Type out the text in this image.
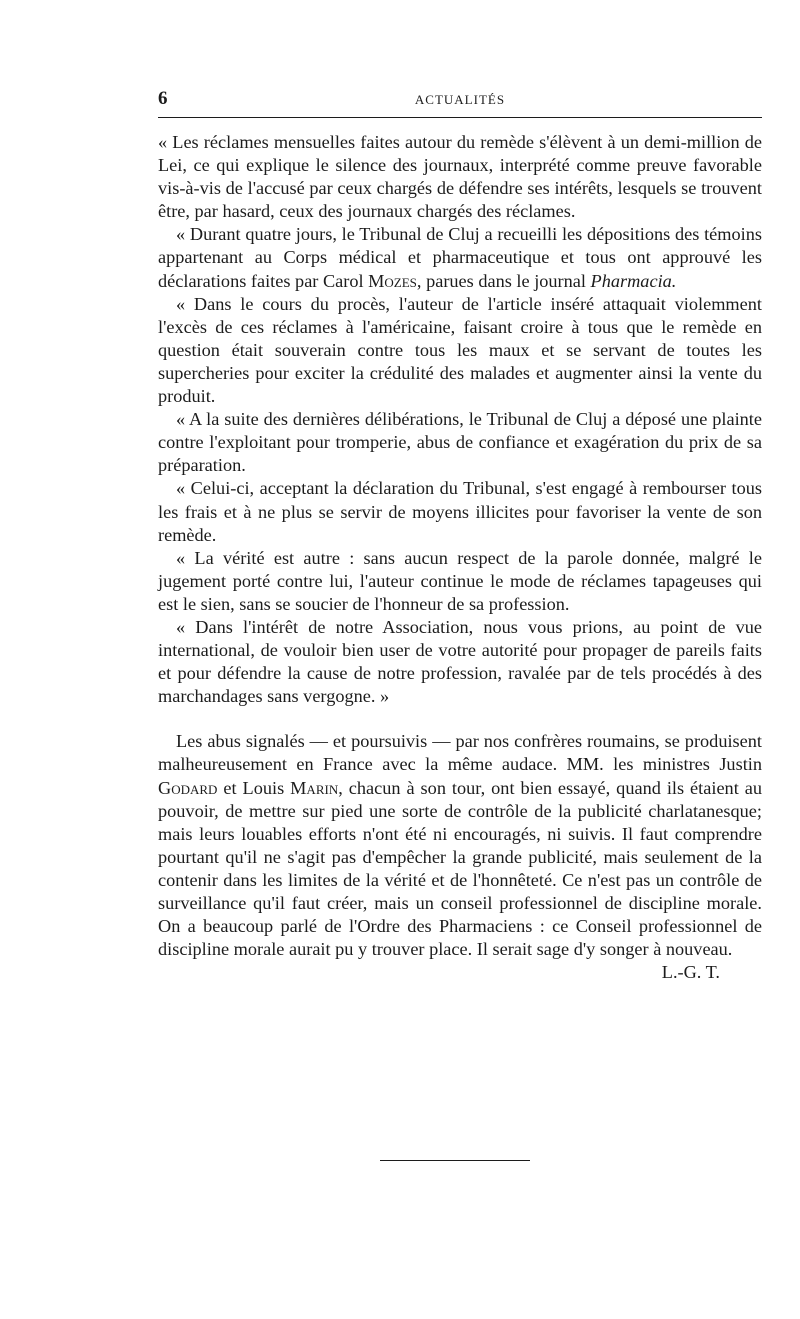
6	ACTUALITÉS

« Les réclames mensuelles faites autour du remède s'élèvent à un demi-million de Lei, ce qui explique le silence des journaux, interprété comme preuve favorable vis-à-vis de l'accusé par ceux chargés de défendre ses intérêts, lesquels se trouvent être, par hasard, ceux des journaux chargés des réclames.

« Durant quatre jours, le Tribunal de Cluj a recueilli les dépositions des témoins appartenant au Corps médical et pharmaceutique et tous ont approuvé les déclarations faites par Carol Mozes, parues dans le journal Pharmacia.

« Dans le cours du procès, l'auteur de l'article inséré attaquait violemment l'excès de ces réclames à l'américaine, faisant croire à tous que le remède en question était souverain contre tous les maux et se servant de toutes les supercheries pour exciter la crédulité des malades et augmenter ainsi la vente du produit.

« A la suite des dernières délibérations, le Tribunal de Cluj a déposé une plainte contre l'exploitant pour tromperie, abus de confiance et exagération du prix de sa préparation.

« Celui-ci, acceptant la déclaration du Tribunal, s'est engagé à rembourser tous les frais et à ne plus se servir de moyens illicites pour favoriser la vente de son remède.

« La vérité est autre : sans aucun respect de la parole donnée, malgré le jugement porté contre lui, l'auteur continue le mode de réclames tapageuses qui est le sien, sans se soucier de l'honneur de sa profession.

« Dans l'intérêt de notre Association, nous vous prions, au point de vue international, de vouloir bien user de votre autorité pour propager de pareils faits et pour défendre la cause de notre profession, ravalée par de tels procédés à des marchandages sans vergogne. »

Les abus signalés — et poursuivis — par nos confrères roumains, se produisent malheureusement en France avec la même audace. MM. les ministres Justin Godard et Louis Marin, chacun à son tour, ont bien essayé, quand ils étaient au pouvoir, de mettre sur pied une sorte de contrôle de la publicité charlatanesque; mais leurs louables efforts n'ont été ni encouragés, ni suivis. Il faut comprendre pourtant qu'il ne s'agit pas d'empêcher la grande publicité, mais seulement de la contenir dans les limites de la vérité et de l'honnêteté. Ce n'est pas un contrôle de surveillance qu'il faut créer, mais un conseil professionnel de discipline morale. On a beaucoup parlé de l'Ordre des Pharmaciens : ce Conseil professionnel de discipline morale aurait pu y trouver place. Il serait sage d'y songer à nouveau.

L.-G. T.
